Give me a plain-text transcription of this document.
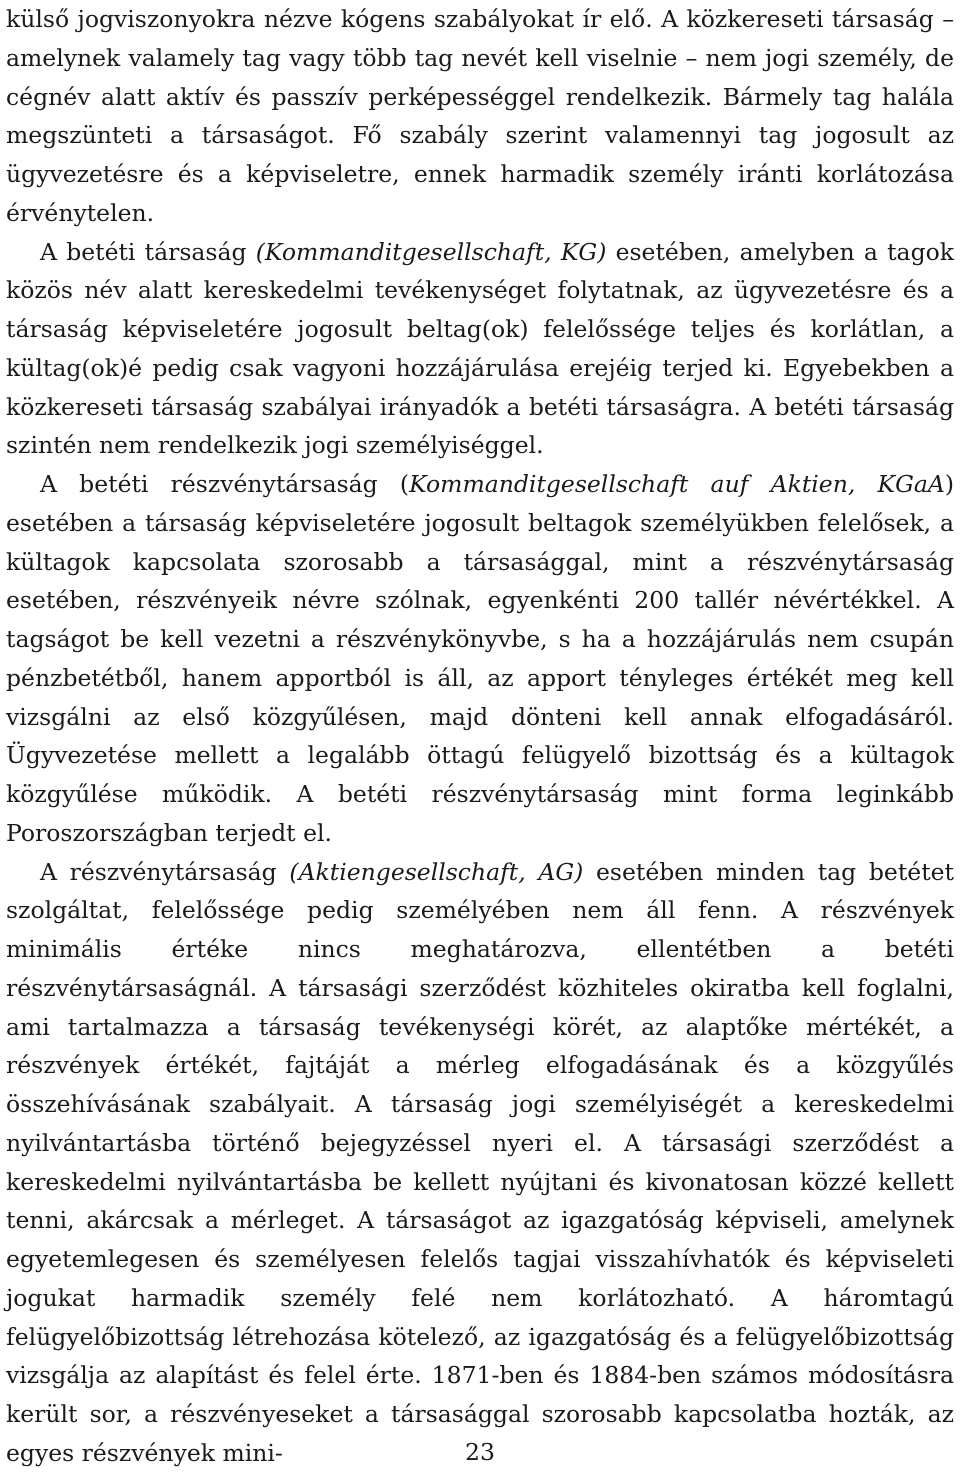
külső jogviszonyokra nézve kógens szabályokat ír elő. A közkereseti társaság – amelynek valamely tag vagy több tag nevét kell viselnie – nem jogi személy, de cégnév alatt aktív és passzív perképességgel rendelkezik. Bármely tag halála megszünteti a társaságot. Fő szabály szerint valamennyi tag jogosult az ügyvezetésre és a képviseletre, ennek harmadik személy iránti korlátozása érvénytelen.

A betéti társaság (Kommanditgesellschaft, KG) esetében, amelyben a tagok közös név alatt kereskedelmi tevékenységet folytatnak, az ügyvezetésre és a társaság képviseletére jogosult beltag(ok) felelőssége teljes és korlátlan, a kültag(ok)é pedig csak vagyoni hozzájárulása erejéig terjed ki. Egyebekben a közkereseti társaság szabályai irányadók a betéti társaságra. A betéti társaság szintén nem rendelkezik jogi személyiséggel.

A betéti részvénytársaság (Kommanditgesellschaft auf Aktien, KGaA) esetében a társaság képviseletére jogosult beltagok személyükben felelősek, a kültagok kapcsolata szorosabb a társasággal, mint a részvénytársaság esetében, részvényeik névre szólnak, egyenkénti 200 tallér névértékkel. A tagságot be kell vezetni a részvénykönyvbe, s ha a hozzájárulás nem csupán pénzbetétből, hanem apportból is áll, az apport tényleges értékét meg kell vizsgálni az első közgyűlésen, majd dönteni kell annak elfogadásáról. Ügyvezetése mellett a legalább öttagú felügyelő bizottság és a kültagok közgyűlése működik. A betéti részvénytársaság mint forma leginkább Poroszországban terjedt el.

A részvénytársaság (Aktiengesellschaft, AG) esetében minden tag betétet szolgáltat, felelőssége pedig személyében nem áll fenn. A részvények minimális értéke nincs meghatározva, ellentétben a betéti részvénytársaságnál. A társasági szerződést közhiteles okiratba kell foglalni, ami tartalmazza a társaság tevékenységi körét, az alaptőke mértékét, a részvények értékét, fajtáját a mérleg elfogadásának és a közgyűlés összehívásának szabályait. A társaság jogi személyiségét a kereskedelmi nyilvántartásba történő bejegyzéssel nyeri el. A társasági szerződést a kereskedelmi nyilvántartásba be kellett nyújtani és kivonatosan közzé kellett tenni, akárcsak a mérleget. A társaságot az igazgatóság képviseli, amelynek egyetemlegesen és személyesen felelős tagjai visszahívhatók és képviseleti jogukat harmadik személy felé nem korlátozható. A háromtagú felügyelőbizottság létrehozása kötelező, az igazgatóság és a felügyelőbizottság vizsgálja az alapítást és felel érte. 1871-ben és 1884-ben számos módosításra került sor, a részvényeseket a társasággal szorosabb kapcsolatba hozták, az egyes részvények mini-	23
